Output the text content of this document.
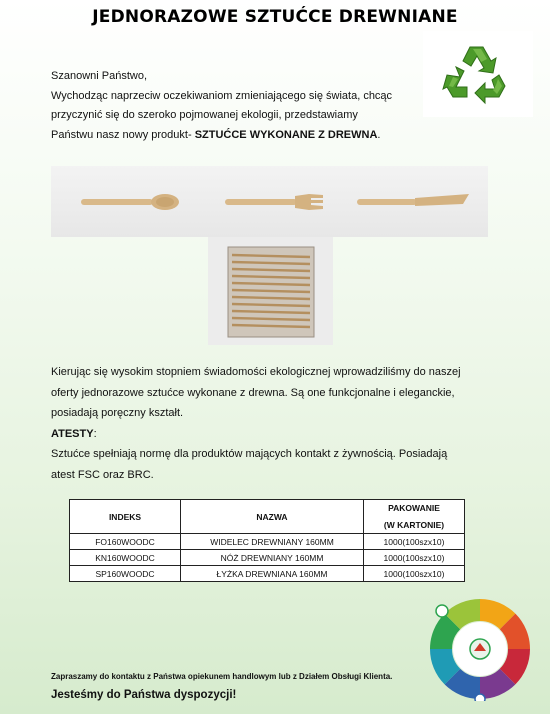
JEDNORAZOWE SZTUĆCE DREWNIANE

Szanowni Państwo,

Wychodząc naprzeciw oczekiwaniom zmieniającego się świata, chcąc

przyczynić się do szeroko pojmowanej ekologii, przedstawiamy

Państwu nasz nowy produkt- SZTUĆCE WYKONANE Z DREWNA.

Kierując się wysokim stopniem świadomości ekologicznej wprowadziliśmy do naszej

oferty jednorazowe sztućce wykonane z drewna. Są one funkcjonalne i eleganckie,

posiadają poręczny kształt.

ATESTY:

Sztućce spełniają normę dla produktów mających kontakt z żywnością. Posiadają

atest FSC oraz BRC.

INDEKS	NAZWA	PAKOWANIE
(W KARTONIE)

FO160WOODC	WIDELEC DREWNIANY 160MM	1000(100szx10)
KN160WOODC	NÓŻ DREWNIANY 160MM	1000(100szx10)
SP160WOODC	ŁYŻKA DREWNIANA 160MM	1000(100szx10)
Zapraszamy do kontaktu z Państwa opiekunem handlowym lub z Działem Obsługi Klienta.
Jesteśmy do Państwa dyspozycji!
